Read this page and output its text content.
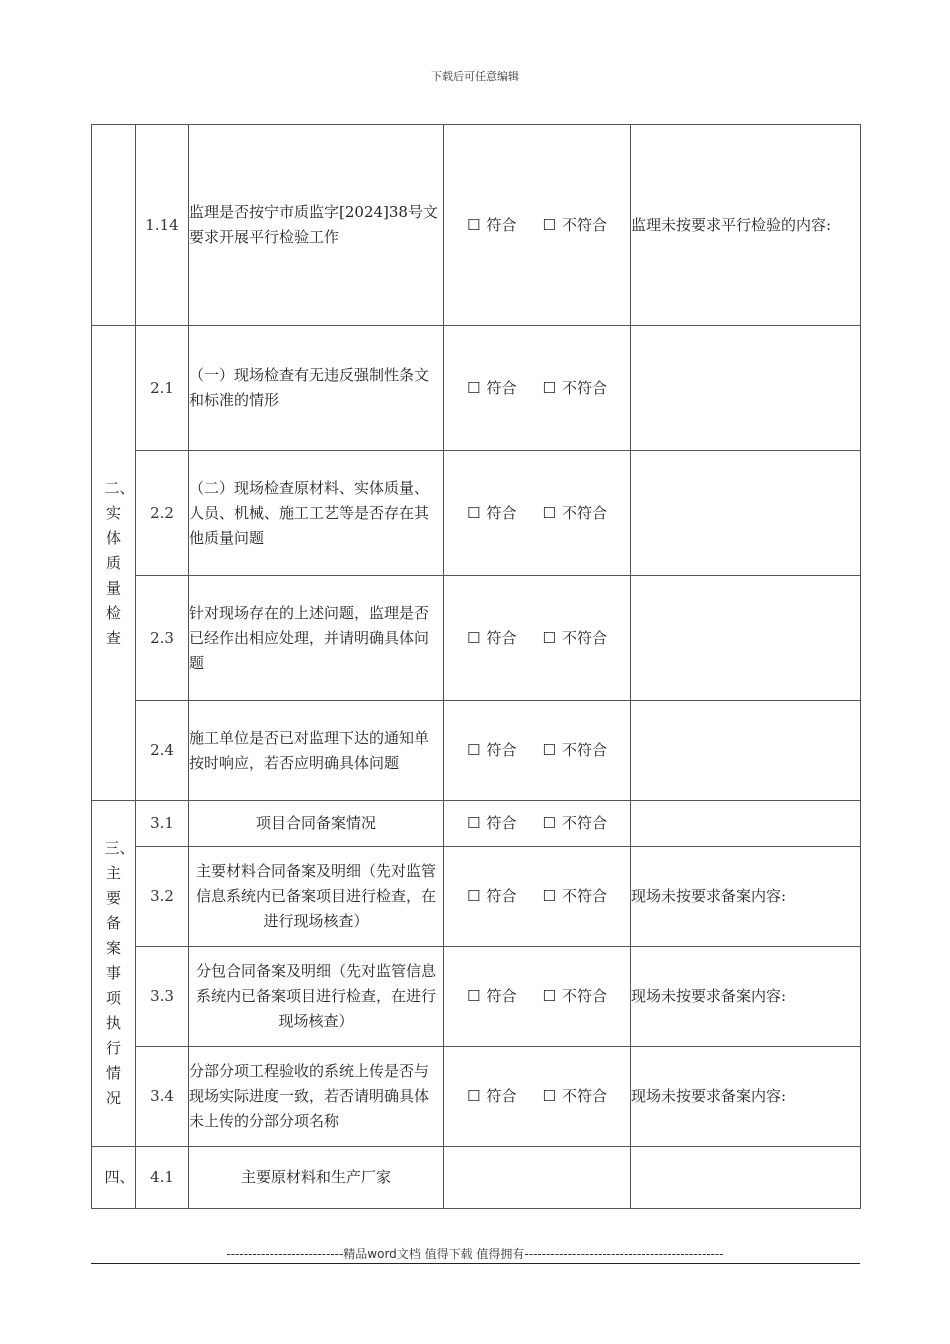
下载后可任意编辑
	1.14	监理是否按宁市质监字[2024]38号文要求开展平行检验工作	☐ 符合 ☐ 不符合	监理未按要求平行检验的内容:
二、实体质量检查	2.1	（一）现场检查有无违反强制性条文和标准的情形	☐ 符合 ☐ 不符合	
	2.2	（二）现场检查原材料、实体质量、人员、机械、施工工艺等是否存在其他质量问题	☐ 符合 ☐ 不符合	
	2.3	针对现场存在的上述问题，监理是否已经作出相应处理，并请明确具体问题	☐ 符合 ☐ 不符合	
	2.4	施工单位是否已对监理下达的通知单按时响应，若否应明确具体问题	☐ 符合 ☐ 不符合	
三、主要备案事项执行情况	3.1	项目合同备案情况	☐ 符合 ☐ 不符合	
	3.2	主要材料合同备案及明细（先对监管信息系统内已备案项目进行检查，在进行现场核查）	☐ 符合 ☐ 不符合	现场未按要求备案内容:
	3.3	分包合同备案及明细（先对监管信息系统内已备案项目进行检查，在进行现场核查）	☐ 符合 ☐ 不符合	现场未按要求备案内容:
	3.4	分部分项工程验收的系统上传是否与现场实际进度一致，若否请明确具体未上传的分部分项名称	☐ 符合 ☐ 不符合	现场未按要求备案内容:
四、	4.1	主要原材料和生产厂家		
---------------------------精品word文档 值得下载 值得拥有----------------------------------------------
